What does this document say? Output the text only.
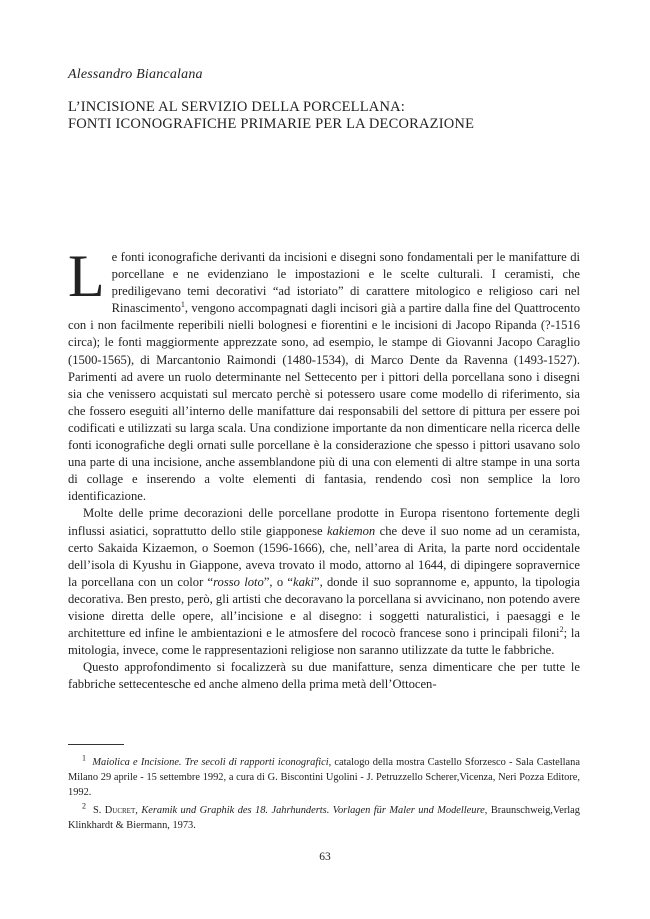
Alessandro Biancalana
L’INCISIONE AL SERVIZIO DELLA PORCELLANA:
FONTI ICONOGRAFICHE PRIMARIE PER LA DECORAZIONE

Le fonti iconografiche derivanti da incisioni e disegni sono fondamentali per le manifatture di porcellane e ne evidenziano le impostazioni e le scelte culturali. I ceramisti, che prediligevano temi decorativi “ad istoriato” di carattere mitologico e religioso cari nel Rinascimento$^1$, vengono accompagnati dagli incisori già a partire dalla fine del Quattrocento con i non facilmente reperibili nielli bolognesi e fiorentini e le incisioni di Jacopo Ripanda (?-1516 circa); le fonti maggiormente apprezzate sono, ad esempio, le stampe di Giovanni Jacopo Caraglio (1500-1565), di Marcantonio Raimondi (1480-1534), di Marco Dente da Ravenna (1493-1527). Parimenti ad avere un ruolo determinante nel Settecento per i pittori della porcellana sono i disegni sia che venissero acquistati sul mercato perchè si potessero usare come modello di riferimento, sia che fossero eseguiti all’interno delle manifatture dai responsabili del settore di pittura per essere poi codificati e utilizzati su larga scala. Una condizione importante da non dimenticare nella ricerca delle fonti iconografiche degli ornati sulle porcellane è la considerazione che spesso i pittori usavano solo una parte di una incisione, anche assemblandone più di una con elementi di altre stampe in una sorta di collage e inserendo a volte elementi di fantasia, rendendo così non semplice la loro identificazione.

Molte delle prime decorazioni delle porcellane prodotte in Europa risentono fortemente degli influssi asiatici, soprattutto dello stile giapponese kakiemon che deve il suo nome ad un ceramista, certo Sakaida Kizaemon, o Soemon (1596-1666), che, nell’area di Arita, la parte nord occidentale dell’isola di Kyushu in Giappone, aveva trovato il modo, attorno al 1644, di dipingere sopravernice la porcellana con un color “rosso loto”, o “kaki”, donde il suo soprannome e, appunto, la tipologia decorativa. Ben presto, però, gli artisti che decoravano la porcellana si avvicinano, non potendo avere visione diretta delle opere, all’incisione e al disegno: i soggetti naturalistici, i paesaggi e le architetture ed infine le ambientazioni e le atmosfere del rococò francese sono i principali filoni$^2$; la mitologia, invece, come le rappresentazioni religiose non saranno utilizzate da tutte le fabbriche.

Questo approfondimento si focalizzerà su due manifatture, senza dimenticare che per tutte le fabbriche settecentesche ed anche almeno della prima metà dell’Ottocen-

$^1$ Maiolica e Incisione. Tre secoli di rapporti iconografici, catalogo della mostra Castello Sforzesco - Sala Castellana Milano 29 aprile - 15 settembre 1992, a cura di G. Biscontini Ugolini - J. Petruzzello Scherer,Vicenza, Neri Pozza Editore, 1992.

$^2$ S. Ducret, Keramik und Graphik des 18. Jahrhunderts. Vorlagen für Maler und Modelleure, Braunschweig,Verlag Klinkhardt & Biermann, 1973.

63
